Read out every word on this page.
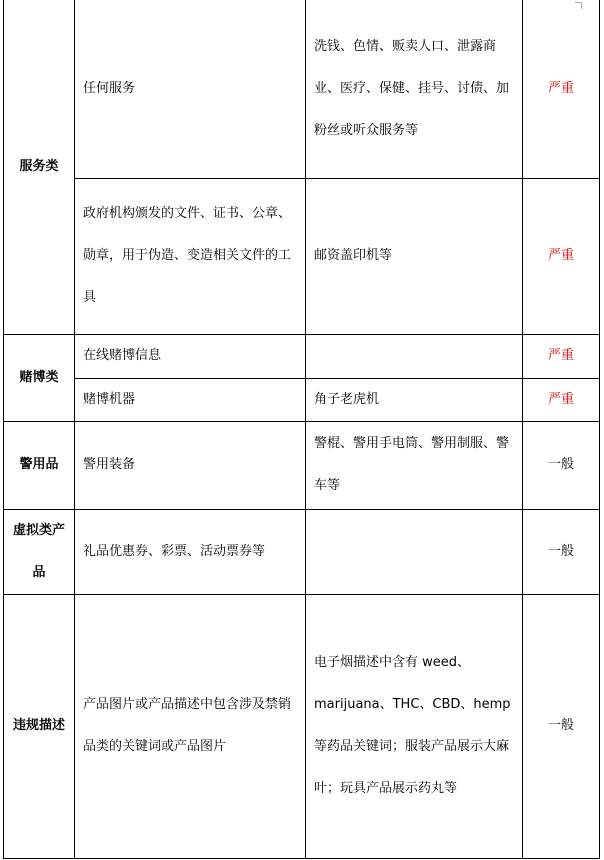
服务类	任何服务	洗钱、色情、贩卖人口、泄露商业、医疗、保健、挂号、讨债、加粉丝或听众服务等	严重
	政府机构颁发的文件、证书、公章、勋章，用于伪造、变造相关文件的工具	邮资盖印机等	严重
赌博类	在线赌博信息		严重
	赌博机器	角子老虎机	严重
警用品	警用装备	警棍、警用手电筒、警用制服、警车等	一般
虚拟类产品	礼品优惠券、彩票、活动票券等		一般
违规描述	产品图片或产品描述中包含涉及禁销品类的关键词或产品图片	电子烟描述中含有 weed、marijuana、THC、CBD、hemp 等药品关键词；服装产品展示大麻叶；玩具产品展示药丸等	一般
